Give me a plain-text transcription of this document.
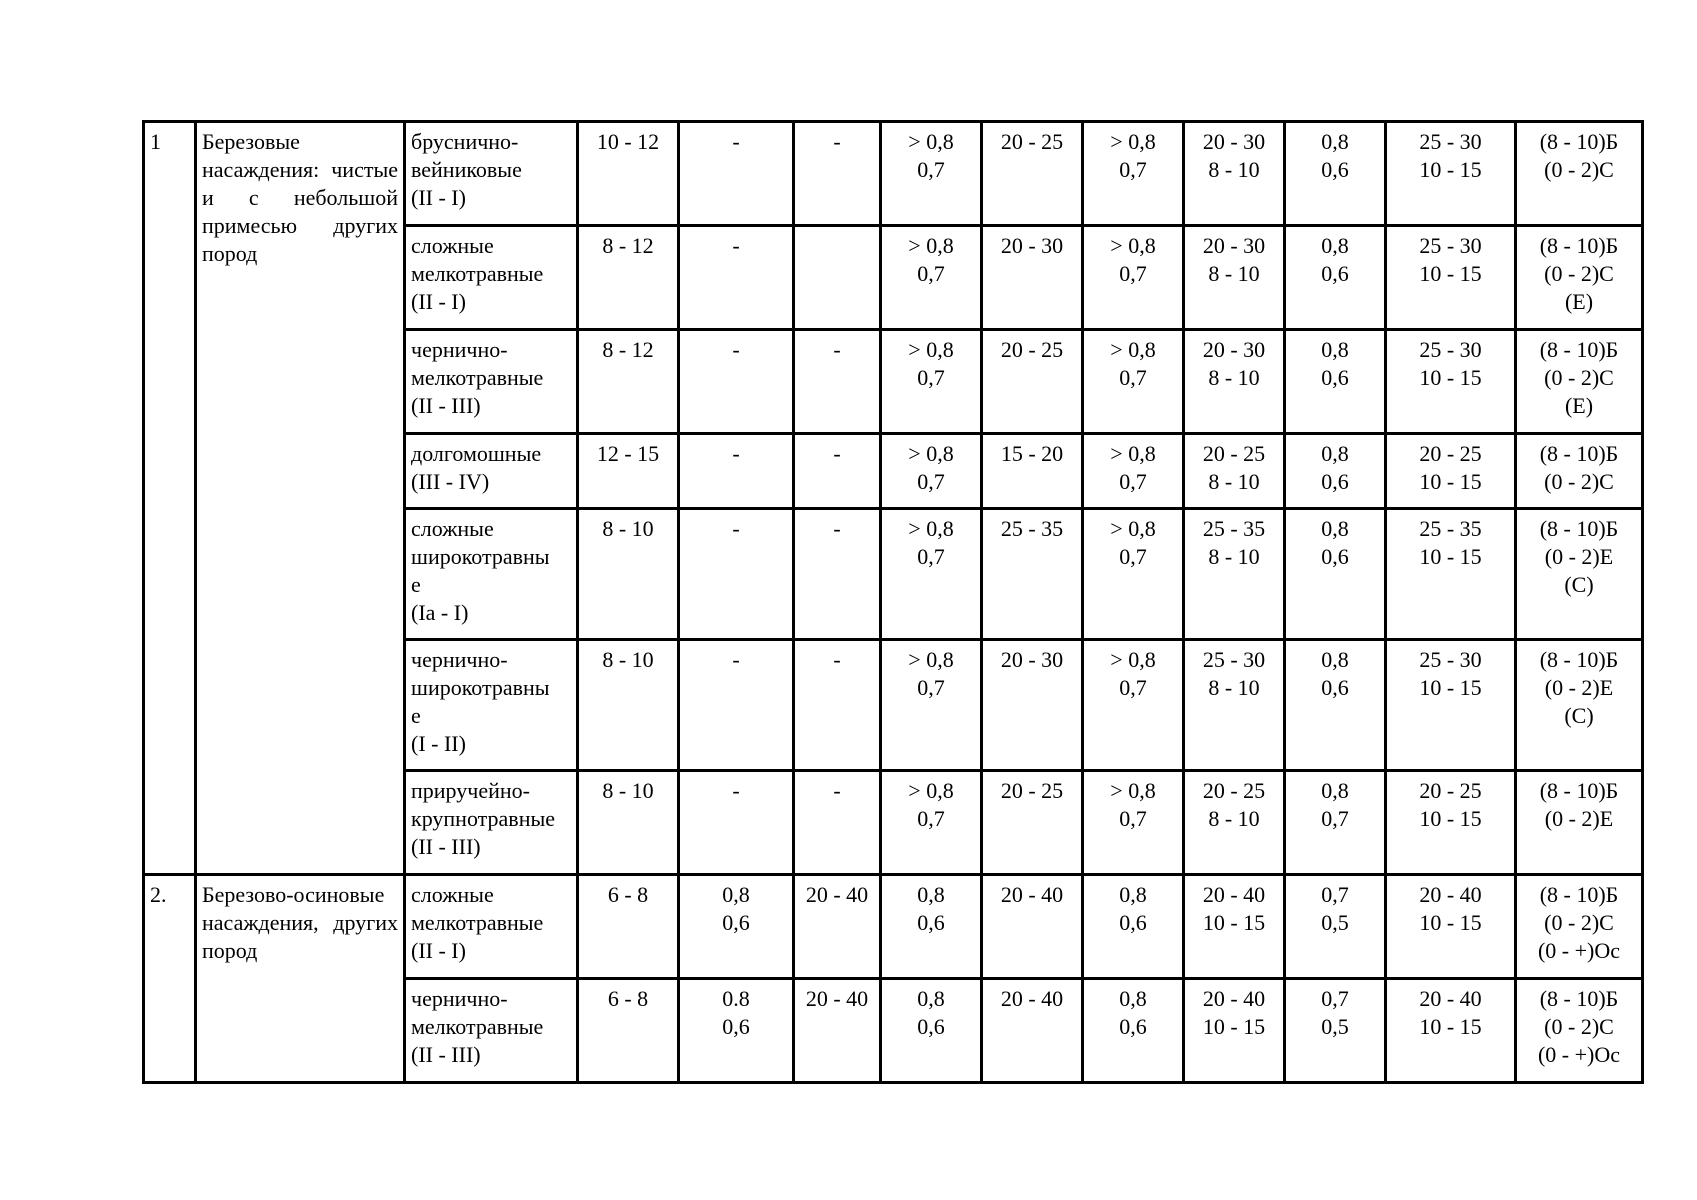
1	Березовые насаждения: чистые и с небольшой примесью других пород	брусничнo-
вейниковые
(II - I)	10 - 12	-	-	> 0,8
0,7	20 - 25	> 0,8
0,7	20 - 30
8 - 10	0,8
0,6	25 - 30
10 - 15	(8 - 10)Б
(0 - 2)С

		сложные
мелкотравные
(II - I)	8 - 12	-		> 0,8
0,7	20 - 30	> 0,8
0,7	20 - 30
8 - 10	0,8
0,6	25 - 30
10 - 15	(8 - 10)Б
(0 - 2)С
(Е)

		чернично-
мелкотравные
(II - III)	8 - 12	-	-	> 0,8
0,7	20 - 25	> 0,8
0,7	20 - 30
8 - 10	0,8
0,6	25 - 30
10 - 15	(8 - 10)Б
(0 - 2)С
(Е)

		долгомошные
(III - IV)	12 - 15	-	-	> 0,8
0,7	15 - 20	> 0,8
0,7	20 - 25
8 - 10	0,8
0,6	20 - 25
10 - 15	(8 - 10)Б
(0 - 2)С

		сложные
широкотравны
е
(Ia - I)	8 - 10	-	-	> 0,8
0,7	25 - 35	> 0,8
0,7	25 - 35
8 - 10	0,8
0,6	25 - 35
10 - 15	(8 - 10)Б
(0 - 2)Е
(С)

		чернично-
широкотравны
е
(I - II)	8 - 10	-	-	> 0,8
0,7	20 - 30	> 0,8
0,7	25 - 30
8 - 10	0,8
0,6	25 - 30
10 - 15	(8 - 10)Б
(0 - 2)Е
(С)

		приручейно-
крупнотравные
(II - III)	8 - 10	-	-	> 0,8
0,7	20 - 25	> 0,8
0,7	20 - 25
8 - 10	0,8
0,7	20 - 25
10 - 15	(8 - 10)Б
(0 - 2)Е

2.	Березово-осиновые насаждения, других пород	сложные
мелкотравные
(II - I)	6 - 8	0,8
0,6	20 - 40	0,8
0,6	20 - 40	0,8
0,6	20 - 40
10 - 15	0,7
0,5	20 - 40
10 - 15	(8 - 10)Б
(0 - 2)С
(0 - +)Ос

		чернично-
мелкотравные
(II - III)	6 - 8	0.8
0,6	20 - 40	0,8
0,6	20 - 40	0,8
0,6	20 - 40
10 - 15	0,7
0,5	20 - 40
10 - 15	(8 - 10)Б
(0 - 2)С
(0 - +)Ос
